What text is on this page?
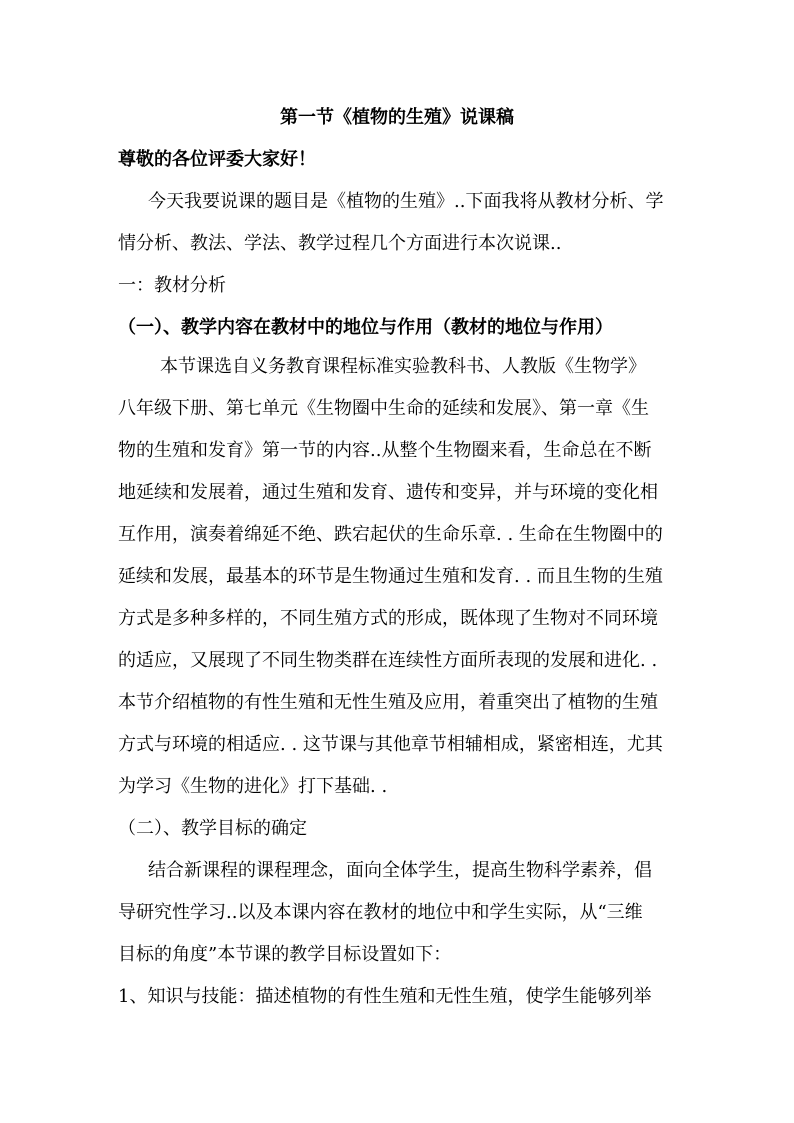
第一节《植物的生殖》说课稿
尊敬的各位评委大家好！
今天我要说课的题目是《植物的生殖》..下面我将从教材分析、学
情分析、教法、学法、教学过程几个方面进行本次说课..
一：教材分析
（一）、教学内容在教材中的地位与作用（教材的地位与作用）
本节课选自义务教育课程标准实验教科书、人教版《生物学》
八年级下册、第七单元《生物圈中生命的延续和发展》、第一章《生
物的生殖和发育》第一节的内容..从整个生物圈来看，生命总在不断
地延续和发展着，通过生殖和发育、遗传和变异，并与环境的变化相
互作用，演奏着绵延不绝、跌宕起伏的生命乐章. . 生命在生物圈中的
延续和发展，最基本的环节是生物通过生殖和发育. . 而且生物的生殖
方式是多种多样的，不同生殖方式的形成，既体现了生物对不同环境
的适应，又展现了不同生物类群在连续性方面所表现的发展和进化. .
本节介绍植物的有性生殖和无性生殖及应用，着重突出了植物的生殖
方式与环境的相适应. . 这节课与其他章节相辅相成，紧密相连，尤其
为学习《生物的进化》打下基础. .
（二）、教学目标的确定
结合新课程的课程理念，面向全体学生，提高生物科学素养，倡
导研究性学习..以及本课内容在教材的地位中和学生实际，从“三维
目标的角度”本节课的教学目标设置如下：
1、知识与技能：描述植物的有性生殖和无性生殖，使学生能够列举
